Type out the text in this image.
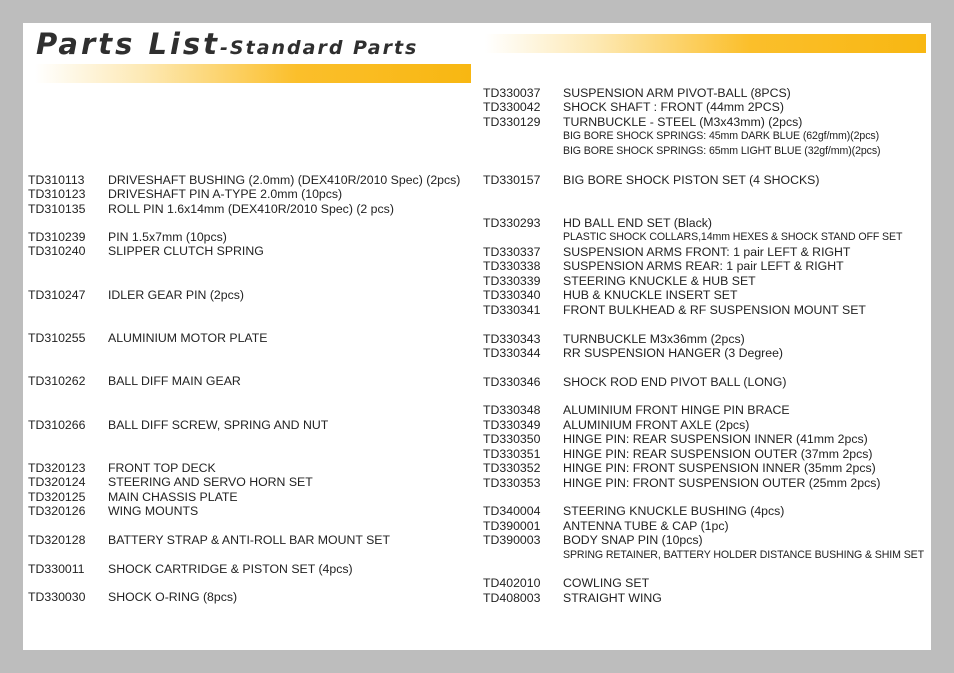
Parts List-Standard Parts
TD310113 DRIVESHAFT BUSHING (2.0mm) (DEX410R/2010 Spec) (2pcs)
TD310123 DRIVESHAFT PIN A-TYPE 2.0mm (10pcs)
TD310135 ROLL PIN 1.6x14mm (DEX410R/2010 Spec) (2 pcs)
TD310239 PIN 1.5x7mm (10pcs)
TD310240 SLIPPER CLUTCH SPRING
TD310247 IDLER GEAR PIN (2pcs)
TD310255 ALUMINIUM MOTOR PLATE
TD310262 BALL DIFF MAIN GEAR
TD310266 BALL DIFF SCREW, SPRING AND NUT
TD320123 FRONT TOP DECK
TD320124 STEERING AND SERVO HORN SET
TD320125 MAIN CHASSIS PLATE
TD320126 WING MOUNTS
TD320128 BATTERY STRAP & ANTI-ROLL BAR MOUNT SET
TD330011 SHOCK CARTRIDGE & PISTON SET (4pcs)
TD330030 SHOCK O-RING (8pcs)
TD330037 SUSPENSION ARM PIVOT-BALL (8PCS)
TD330042 SHOCK SHAFT : FRONT (44mm 2PCS)
TD330129 TURNBUCKLE - STEEL (M3x43mm) (2pcs)
BIG BORE SHOCK SPRINGS: 45mm DARK BLUE (62gf/mm)(2pcs)
BIG BORE SHOCK SPRINGS: 65mm LIGHT BLUE (32gf/mm)(2pcs)
TD330157 BIG BORE SHOCK PISTON SET (4 SHOCKS)
TD330293 HD BALL END SET (Black)
PLASTIC SHOCK COLLARS,14mm HEXES & SHOCK STAND OFF SET
TD330337 SUSPENSION ARMS FRONT: 1 pair LEFT & RIGHT
TD330338 SUSPENSION ARMS REAR: 1 pair LEFT & RIGHT
TD330339 STEERING KNUCKLE & HUB SET
TD330340 HUB & KNUCKLE INSERT SET
TD330341 FRONT BULKHEAD & RF SUSPENSION MOUNT SET
TD330343 TURNBUCKLE M3x36mm (2pcs)
TD330344 RR SUSPENSION HANGER (3 Degree)
TD330346 SHOCK ROD END PIVOT BALL (LONG)
TD330348 ALUMINIUM FRONT HINGE PIN BRACE
TD330349 ALUMINIUM FRONT AXLE (2pcs)
TD330350 HINGE PIN: REAR SUSPENSION INNER (41mm 2pcs)
TD330351 HINGE PIN: REAR SUSPENSION OUTER (37mm 2pcs)
TD330352 HINGE PIN: FRONT SUSPENSION INNER (35mm 2pcs)
TD330353 HINGE PIN: FRONT SUSPENSION OUTER (25mm 2pcs)
TD340004 STEERING KNUCKLE BUSHING (4pcs)
TD390001 ANTENNA TUBE & CAP (1pc)
TD390003 BODY SNAP PIN (10pcs)
SPRING RETAINER, BATTERY HOLDER DISTANCE BUSHING & SHIM SET
TD402010 COWLING SET
TD408003 STRAIGHT WING
